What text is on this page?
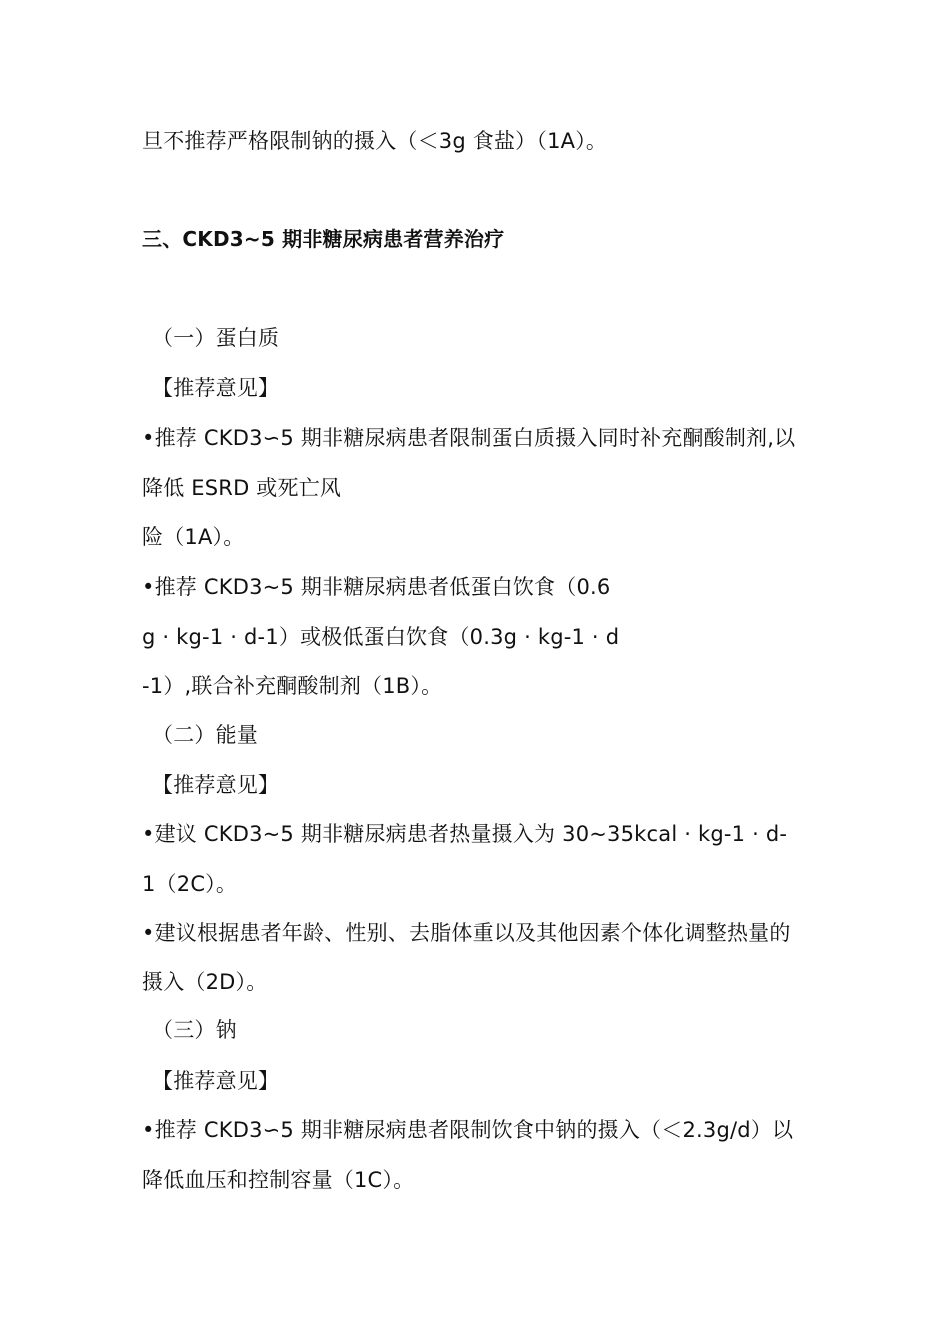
旦不推荐严格限制钠的摄入（＜3g 食盐）（1A）。
三、CKD3~5 期非糖尿病患者营养治疗
（一）蛋白质
【推荐意见】
•推荐 CKD3∽5 期非糖尿病患者限制蛋白质摄入同时补充酮酸制剂,以
降低 ESRD 或死亡风
险（1A）。
•推荐 CKD3~5 期非糖尿病患者低蛋白饮食（0.6
g · kg-1 · d-1）或极低蛋白饮食（0.3g · kg-1 · d
-1）,联合补充酮酸制剂（1B）。
（二）能量
【推荐意见】
•建议 CKD3~5 期非糖尿病患者热量摄入为 30~35kcal · kg-1 · d-
1（2C）。
•建议根据患者年龄、性别、去脂体重以及其他因素个体化调整热量的
摄入（2D）。
（三）钠
【推荐意见】
•推荐 CKD3∽5 期非糖尿病患者限制饮食中钠的摄入（＜2.3g/d）以
降低血压和控制容量（1C）。
